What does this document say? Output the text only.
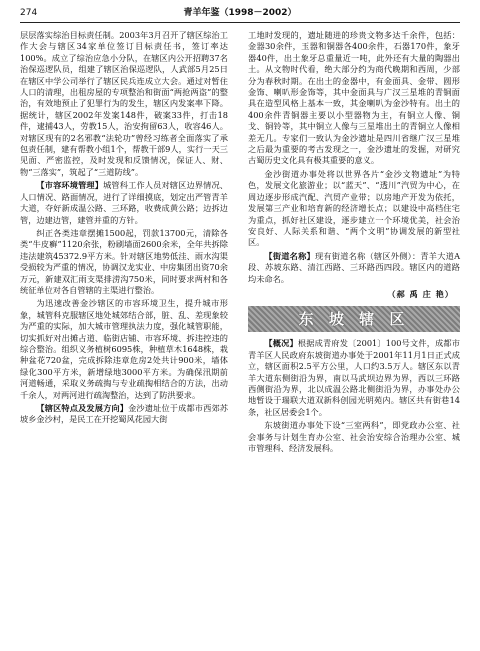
274	青羊年鉴（1998－2002）

层层落实综治目标责任制。2003年3月召开了辖区综治工作大会与辖区34家单位签订目标责任书，签订率达100%。成立了综治应急小分队，在辖区内公开招聘37名治保巡逻队员，组建了辖区治保巡逻队，人武部5月25日在辖区中学公司举行了辖区民兵连成立大会。通过对暂住人口的清理，出租房屋的专项整治和街面“两抢两盗”的整治，有效地预止了犯罪行为的发生，辖区内发案率下降。据统计，辖区2002年发案148件，破案33件，打击18件，逮捕43人，劳教15人，治安拘留63人，收容46人。对辖区现有的2名邪教“法轮功”曾经习练者全面落实了承包责任制，建有帮教小组1个，帮教干部9人，实行一天三见面、严密监控，及时发现和反馈情况，保证人、财、物“三落实”，筑起了“三道防线”。

【市容环境管理】城管科工作人员对辖区边界情况、人口情况、路面情况，进行了详细摸底，划定出严管青羊大道，夺好新成温公路、三环路，收费成黄公路；边拆边管，边建边管，建管并重的方针。

纠正各类违章摆摊1500起，罚款13700元，清除各类“牛皮癣”1120余张，粉刷墙面2600余米，全年共拆除违法建筑45372.9平方米。针对辖区地势低洼、雨水沟渠受损较为严重的情况，协调汉龙实业、中房集团出资70余万元，新建双汇雨支渠排涝沟750米，同时要求两村和各统征单位对各自管辖的主渠进行整治。

为迅速改善金沙辖区的市容环境卫生，提升城市形象，城管科克服辖区地处城郊结合部，脏、乱、差现象较为严重的实际，加大城市管理执法力度，强化城管职能，切实抓好对出摊占道、临街店铺、市容环境、拆违控违的综合整治。组织义务植树6095株，种植草木1648株，栽种盆花720盆，完成拆除违章危房2处共计900米，墙体绿化300平方米，新增绿地3000平方米。为确保汛期前河道畅通，采取义务疏掏与专业疏掏相结合的方法，出动千余人，对两河进行疏淘整治，达到了防洪要求。

【辖区特点及发展方向】金沙遗址位于成都市西郊苏坡乡金沙村，是民工在开挖蜀风花园大街

工地时发现的，遗址随进的珍贵文物多达千余件，包括：金器30余件，玉器和铜器各400余件，石器170件，象牙器40件，出土象牙总重量近一吨，此外还有大量的陶器出土。从文物时代看，绝大部分约为商代晚期和西周，少部分为春秋时期。在出土的金器中，有金面具、金带、圆形金饰、喇叭形金饰等，其中金面具与广汉三星堆的青铜面具在造型风格上基本一致，其金喇叭为金沙特有。出土的400余件青铜器主要以小型器物为主，有铜立人像、铜戈、铜铃等，其中铜立人像与三星堆出土的青铜立人像相差无几。专家们一致认为金沙遗址是四川省继广汉三星堆之后最为重要的考古发现之一，金沙遗址的发掘，对研究古蜀历史文化具有极其重要的意义。

金沙街道办事处将以世界各片“金沙文物遗址”为特色，发展文化旅游业；以“蓝天”、“透川”汽贸为中心，在周边逐步形成汽配、汽贸产业带；以房地产开发为依托，发展第三产业和培育新的经济增长点；以建设中高档住宅为重点，抓好社区建设，逐步建立一个环境优美，社会治安良好、人际关系和谐、“两个文明”协调发展的新型社区。

【街道名称】现有街道名称（辖区外侧）：青羊大道A段、苏坡东路、清江西路、三环路西四段。辖区内的道路均未命名。

（郝 禹 庄 艳）
东 坡 辖 区

【概况】根据成青府发〔2001〕100号文件，成都市青羊区人民政府东坡街道办事处于2001年11月1日正式成立，辖区面积2.5平方公里，人口约3.5万人。辖区东以青羊大道东侧街沿为界，南以马武坝边界为界，西以三环路西侧街沿为界，北以成温公路北侧街沿为界，办事处办公地暂设于瑞联大道双新科创园光明苑内。辖区共有街巷14条，社区居委会1个。

东坡街道办事处下设“三室两科”，即党政办公室、社会事务与计划生育办公室、社会治安综合治理办公室、城市管理科、经济发展科。
